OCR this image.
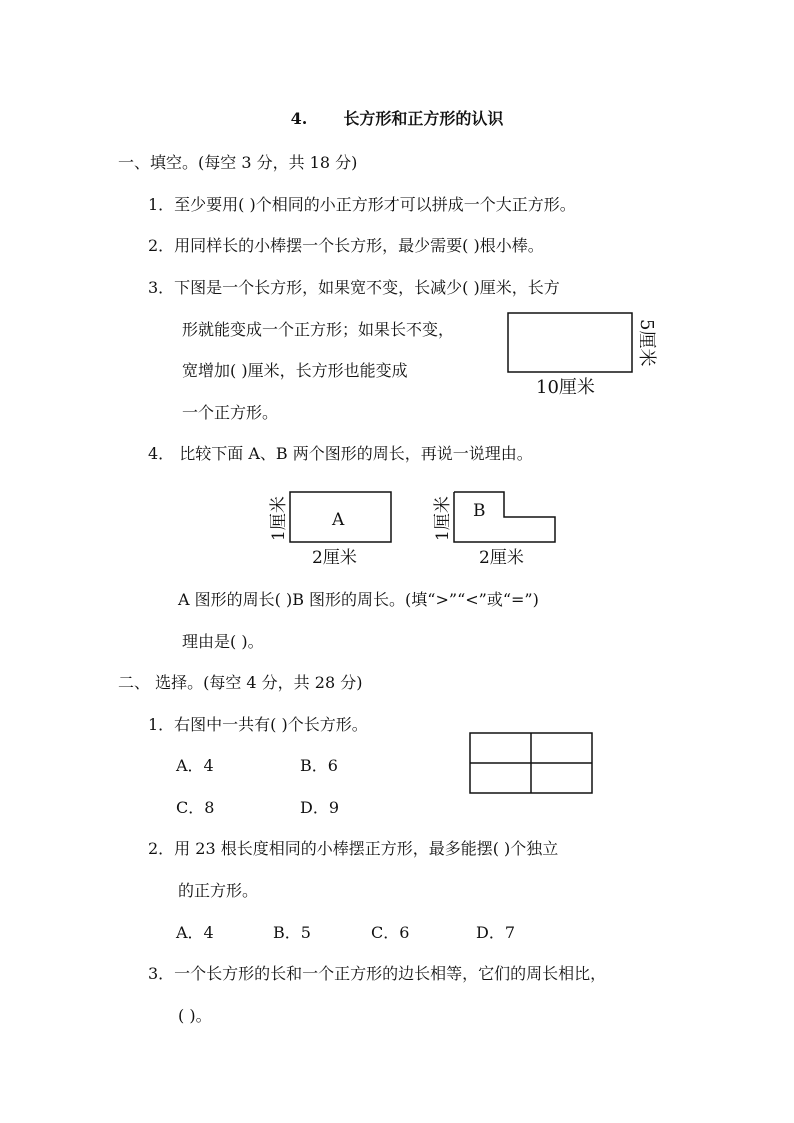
4. 长方形和正方形的认识
一、填空。(每空 3 分，共 18 分)
1．至少要用( )个相同的小正方形才可以拼成一个大正方形。
2．用同样长的小棒摆一个长方形，最少需要( )根小棒。
3．下图是一个长方形，如果宽不变，长减少( )厘米，长方
形就能变成一个正方形；如果长不变，
宽增加( )厘米，长方形也能变成
一个正方形。
5厘米
10厘米
4． 比较下面 A、B 两个图形的周长，再说一说理由。
A
1厘米
2厘米
B
1厘米
2厘米
A 图形的周长( )B 图形的周长。(填“>”“<”或“=”)
理由是( )。
二、 选择。(每空 4 分，共 28 分)
1．右图中一共有( )个长方形。
A．4	B．6
C．8	D．9
2．用 23 根长度相同的小棒摆正方形，最多能摆( )个独立
的正方形。
A．4	B．5	C．6	D．7
3．一个长方形的长和一个正方形的边长相等，它们的周长相比，
( )。
